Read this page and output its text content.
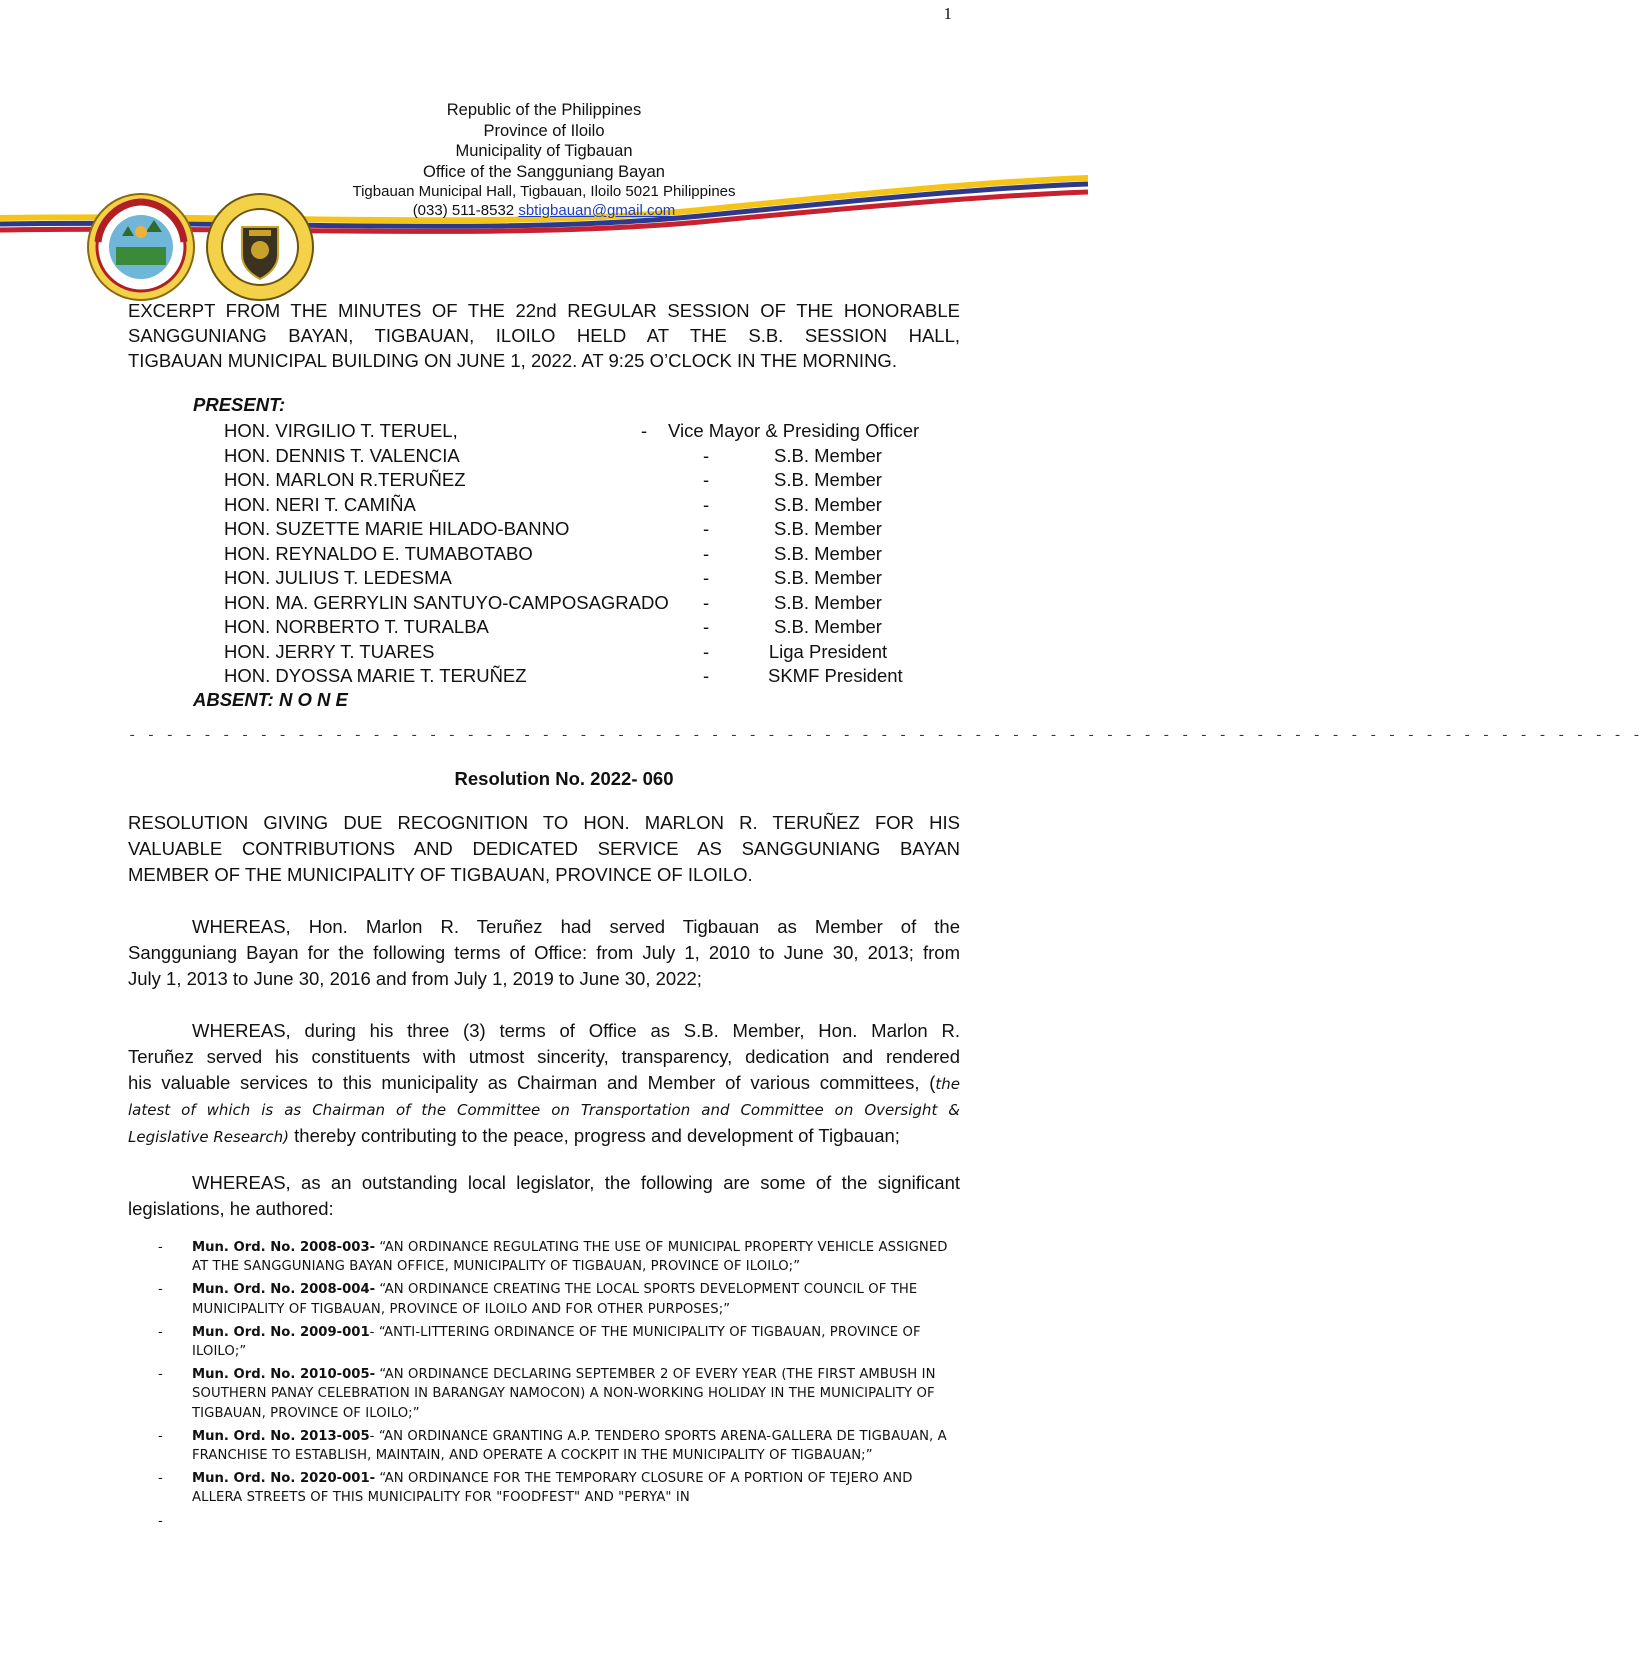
1
Republic of the Philippines
Province of Iloilo
Municipality of Tigbauan
Office of the Sangguniang Bayan
Tigbauan Municipal Hall, Tigbauan, Iloilo 5021 Philippines
(033) 511-8532 sbtigbauan@gmail.com
EXCERPT FROM THE MINUTES OF THE 22nd REGULAR SESSION OF THE HONORABLE
SANGGUNIANG BAYAN, TIGBAUAN, ILOILO HELD AT THE S.B. SESSION HALL,
TIGBAUAN MUNICIPAL BUILDING ON JUNE 1, 2022. AT 9:25 O’CLOCK IN THE MORNING.
PRESENT:
HON. VIRGILIO T. TERUEL,	- Vice Mayor & Presiding Officer
HON. DENNIS T. VALENCIA	-	S.B. Member
HON. MARLON R.TERUÑEZ	-	S.B. Member
HON. NERI T. CAMIÑA	-	S.B. Member
HON. SUZETTE MARIE HILADO-BANNO	-	S.B. Member
HON. REYNALDO E. TUMABOTABO	-	S.B. Member
HON. JULIUS T. LEDESMA	-	S.B. Member
HON. MA. GERRYLIN SANTUYO-CAMPOSAGRADO -	S.B. Member
HON. NORBERTO T. TURALBA	-	S.B. Member
HON. JERRY T. TUARES	-	Liga President
HON. DYOSSA MARIE T. TERUÑEZ	-	SKMF President
ABSENT: N O N E
- - - - - - - - - - - - - - - - - - - - - - - - - - - - - - - - - - - - - - - - - - - - - - - - - - - - - - - - - - - - - - - - - - - - - - - - - - - - - - - - -
Resolution No. 2022- 060
RESOLUTION GIVING DUE RECOGNITION TO HON. MARLON R. TERUÑEZ FOR HIS
VALUABLE CONTRIBUTIONS AND DEDICATED SERVICE AS SANGGUNIANG BAYAN
MEMBER OF THE MUNICIPALITY OF TIGBAUAN, PROVINCE OF ILOILO.
WHEREAS, Hon. Marlon R. Teruñez had served Tigbauan as Member of the
Sangguniang Bayan for the following terms of Office: from July 1, 2010 to June 30, 2013; from
July 1, 2013 to June 30, 2016 and from July 1, 2019 to June 30, 2022;
WHEREAS, during his three (3) terms of Office as S.B. Member, Hon. Marlon R.
Teruñez served his constituents with utmost sincerity, transparency, dedication and rendered
his valuable services to this municipality as Chairman and Member of various committees, (the
latest of which is as Chairman of the Committee on Transportation and Committee on Oversight &
Legislative Research) thereby contributing to the peace, progress and development of Tigbauan;
WHEREAS, as an outstanding local legislator, the following are some of the significant
legislations, he authored:
- Mun. Ord. No. 2008-003- “AN ORDINANCE REGULATING THE USE OF MUNICIPAL PROPERTY VEHICLE ASSIGNED AT THE SANGGUNIANG BAYAN OFFICE, MUNICIPALITY OF TIGBAUAN, PROVINCE OF ILOILO;”
- Mun. Ord. No. 2008-004- “AN ORDINANCE CREATING THE LOCAL SPORTS DEVELOPMENT COUNCIL OF THE MUNICIPALITY OF TIGBAUAN, PROVINCE OF ILOILO AND FOR OTHER PURPOSES;”
- Mun. Ord. No. 2009-001- “ANTI-LITTERING ORDINANCE OF THE MUNICIPALITY OF TIGBAUAN, PROVINCE OF ILOILO;”
- Mun. Ord. No. 2010-005- “AN ORDINANCE DECLARING SEPTEMBER 2 OF EVERY YEAR (THE FIRST AMBUSH IN SOUTHERN PANAY CELEBRATION IN BARANGAY NAMOCON) A NON-WORKING HOLIDAY IN THE MUNICIPALITY OF TIGBAUAN, PROVINCE OF ILOILO;”
- Mun. Ord. No. 2013-005- “AN ORDINANCE GRANTING A.P. TENDERO SPORTS ARENA-GALLERA DE TIGBAUAN, A FRANCHISE TO ESTABLISH, MAINTAIN, AND OPERATE A COCKPIT IN THE MUNICIPALITY OF TIGBAUAN;”
- Mun. Ord. No. 2020-001- “AN ORDINANCE FOR THE TEMPORARY CLOSURE OF A PORTION OF TEJERO AND ALLERA STREETS OF THIS MUNICIPALITY FOR "FOODFEST" AND "PERYA" IN
-
